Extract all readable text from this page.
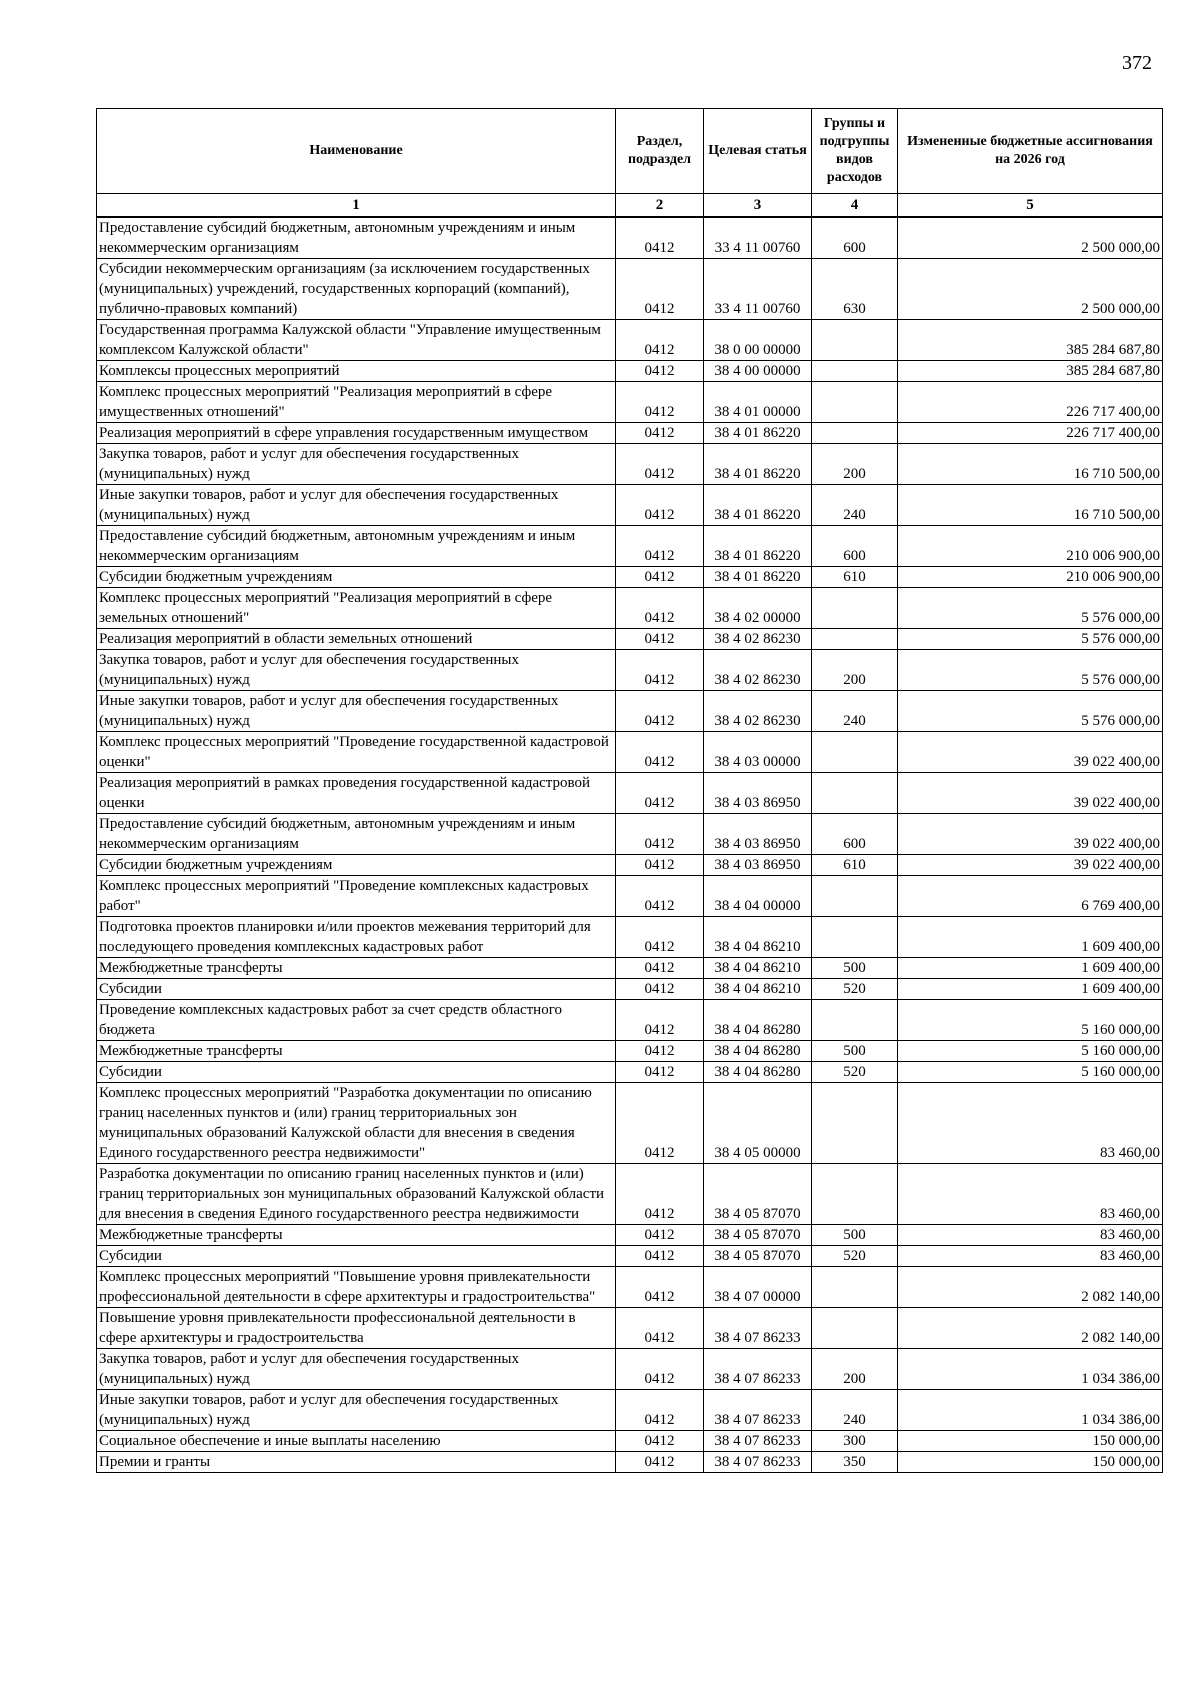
372
Наименование	Раздел, подраздел	Целевая статья	Группы и подгруппы видов расходов	Измененные бюджетные ассигнования на 2026 год
1	2	3	4	5
Предоставление субсидий бюджетным, автономным учреждениям и иным некоммерческим организациям	0412	33 4 11 00760	600	2 500 000,00
Субсидии некоммерческим организациям (за исключением государственных (муниципальных) учреждений, государственных корпораций (компаний), публично-правовых компаний)	0412	33 4 11 00760	630	2 500 000,00
Государственная программа Калужской области "Управление имущественным комплексом Калужской области"	0412	38 0 00 00000		385 284 687,80
Комплексы процессных мероприятий	0412	38 4 00 00000		385 284 687,80
Комплекс процессных мероприятий "Реализация мероприятий в сфере имущественных отношений"	0412	38 4 01 00000		226 717 400,00
Реализация мероприятий в сфере управления государственным имуществом	0412	38 4 01 86220		226 717 400,00
Закупка товаров, работ и услуг для обеспечения государственных (муниципальных) нужд	0412	38 4 01 86220	200	16 710 500,00
Иные закупки товаров, работ и услуг для обеспечения государственных (муниципальных) нужд	0412	38 4 01 86220	240	16 710 500,00
Предоставление субсидий бюджетным, автономным учреждениям и иным некоммерческим организациям	0412	38 4 01 86220	600	210 006 900,00
Субсидии бюджетным учреждениям	0412	38 4 01 86220	610	210 006 900,00
Комплекс процессных мероприятий "Реализация мероприятий в сфере земельных отношений"	0412	38 4 02 00000		5 576 000,00
Реализация мероприятий в области земельных отношений	0412	38 4 02 86230		5 576 000,00
Закупка товаров, работ и услуг для обеспечения государственных (муниципальных) нужд	0412	38 4 02 86230	200	5 576 000,00
Иные закупки товаров, работ и услуг для обеспечения государственных (муниципальных) нужд	0412	38 4 02 86230	240	5 576 000,00
Комплекс процессных мероприятий "Проведение государственной кадастровой оценки"	0412	38 4 03 00000		39 022 400,00
Реализация мероприятий в рамках проведения государственной кадастровой оценки	0412	38 4 03 86950		39 022 400,00
Предоставление субсидий бюджетным, автономным учреждениям и иным некоммерческим организациям	0412	38 4 03 86950	600	39 022 400,00
Субсидии бюджетным учреждениям	0412	38 4 03 86950	610	39 022 400,00
Комплекс процессных мероприятий "Проведение комплексных кадастровых работ"	0412	38 4 04 00000		6 769 400,00
Подготовка проектов планировки и/или проектов межевания территорий для последующего проведения комплексных кадастровых работ	0412	38 4 04 86210		1 609 400,00
Межбюджетные трансферты	0412	38 4 04 86210	500	1 609 400,00
Субсидии	0412	38 4 04 86210	520	1 609 400,00
Проведение комплексных кадастровых работ за счет средств областного бюджета	0412	38 4 04 86280		5 160 000,00
Межбюджетные трансферты	0412	38 4 04 86280	500	5 160 000,00
Субсидии	0412	38 4 04 86280	520	5 160 000,00
Комплекс процессных мероприятий "Разработка документации по описанию границ населенных пунктов и (или) границ территориальных зон муниципальных образований Калужской области для внесения в сведения Единого государственного реестра недвижимости"	0412	38 4 05 00000		83 460,00
Разработка документации по описанию границ населенных пунктов и (или) границ территориальных зон муниципальных образований Калужской области для внесения в сведения Единого государственного реестра недвижимости	0412	38 4 05 87070		83 460,00
Межбюджетные трансферты	0412	38 4 05 87070	500	83 460,00
Субсидии	0412	38 4 05 87070	520	83 460,00
Комплекс процессных мероприятий "Повышение уровня привлекательности профессиональной деятельности в сфере архитектуры и градостроительства"	0412	38 4 07 00000		2 082 140,00
Повышение уровня привлекательности профессиональной деятельности в сфере архитектуры и градостроительства	0412	38 4 07 86233		2 082 140,00
Закупка товаров, работ и услуг для обеспечения государственных (муниципальных) нужд	0412	38 4 07 86233	200	1 034 386,00
Иные закупки товаров, работ и услуг для обеспечения государственных (муниципальных) нужд	0412	38 4 07 86233	240	1 034 386,00
Социальное обеспечение и иные выплаты населению	0412	38 4 07 86233	300	150 000,00
Премии и гранты	0412	38 4 07 86233	350	150 000,00
